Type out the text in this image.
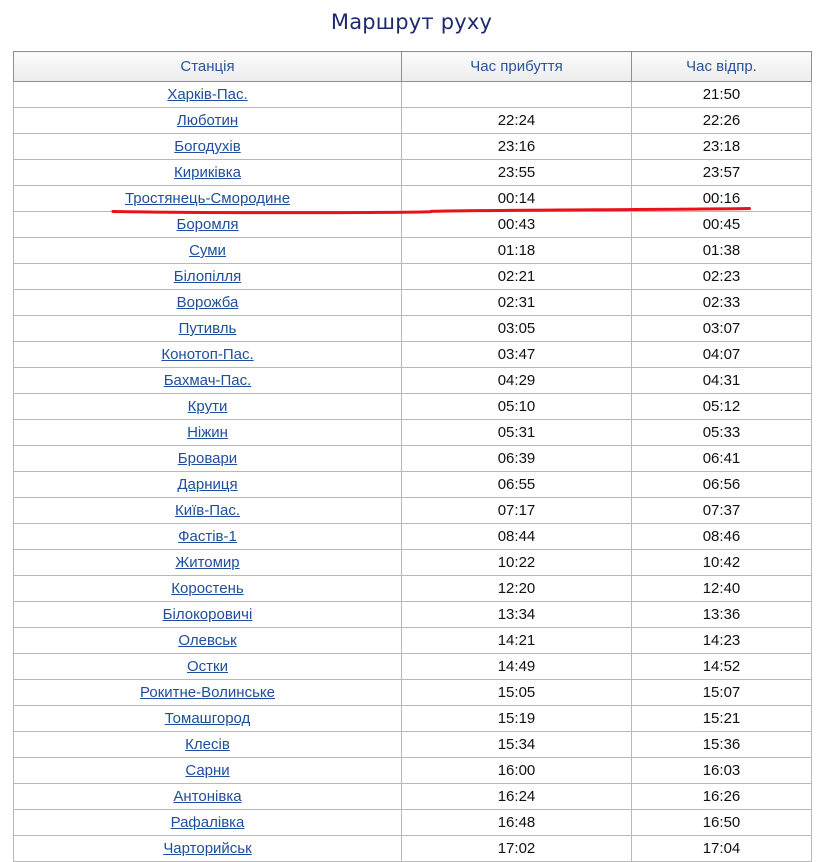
Маршрут руху
Станція	Час прибуття	Час відпр.
Харків-Пас.		21:50
Люботин	22:24	22:26
Богодухів	23:16	23:18
Кириківка	23:55	23:57
Тростянець-Смородине	00:14	00:16
Боромля	00:43	00:45
Суми	01:18	01:38
Білопілля	02:21	02:23
Ворожба	02:31	02:33
Путивль	03:05	03:07
Конотоп-Пас.	03:47	04:07
Бахмач-Пас.	04:29	04:31
Крути	05:10	05:12
Ніжин	05:31	05:33
Бровари	06:39	06:41
Дарниця	06:55	06:56
Київ-Пас.	07:17	07:37
Фастів-1	08:44	08:46
Житомир	10:22	10:42
Коростень	12:20	12:40
Білокоровичі	13:34	13:36
Олевськ	14:21	14:23
Остки	14:49	14:52
Рокитне-Волинське	15:05	15:07
Томашгород	15:19	15:21
Клесів	15:34	15:36
Сарни	16:00	16:03
Антонівка	16:24	16:26
Рафалівка	16:48	16:50
Чарторийськ	17:02	17:04
